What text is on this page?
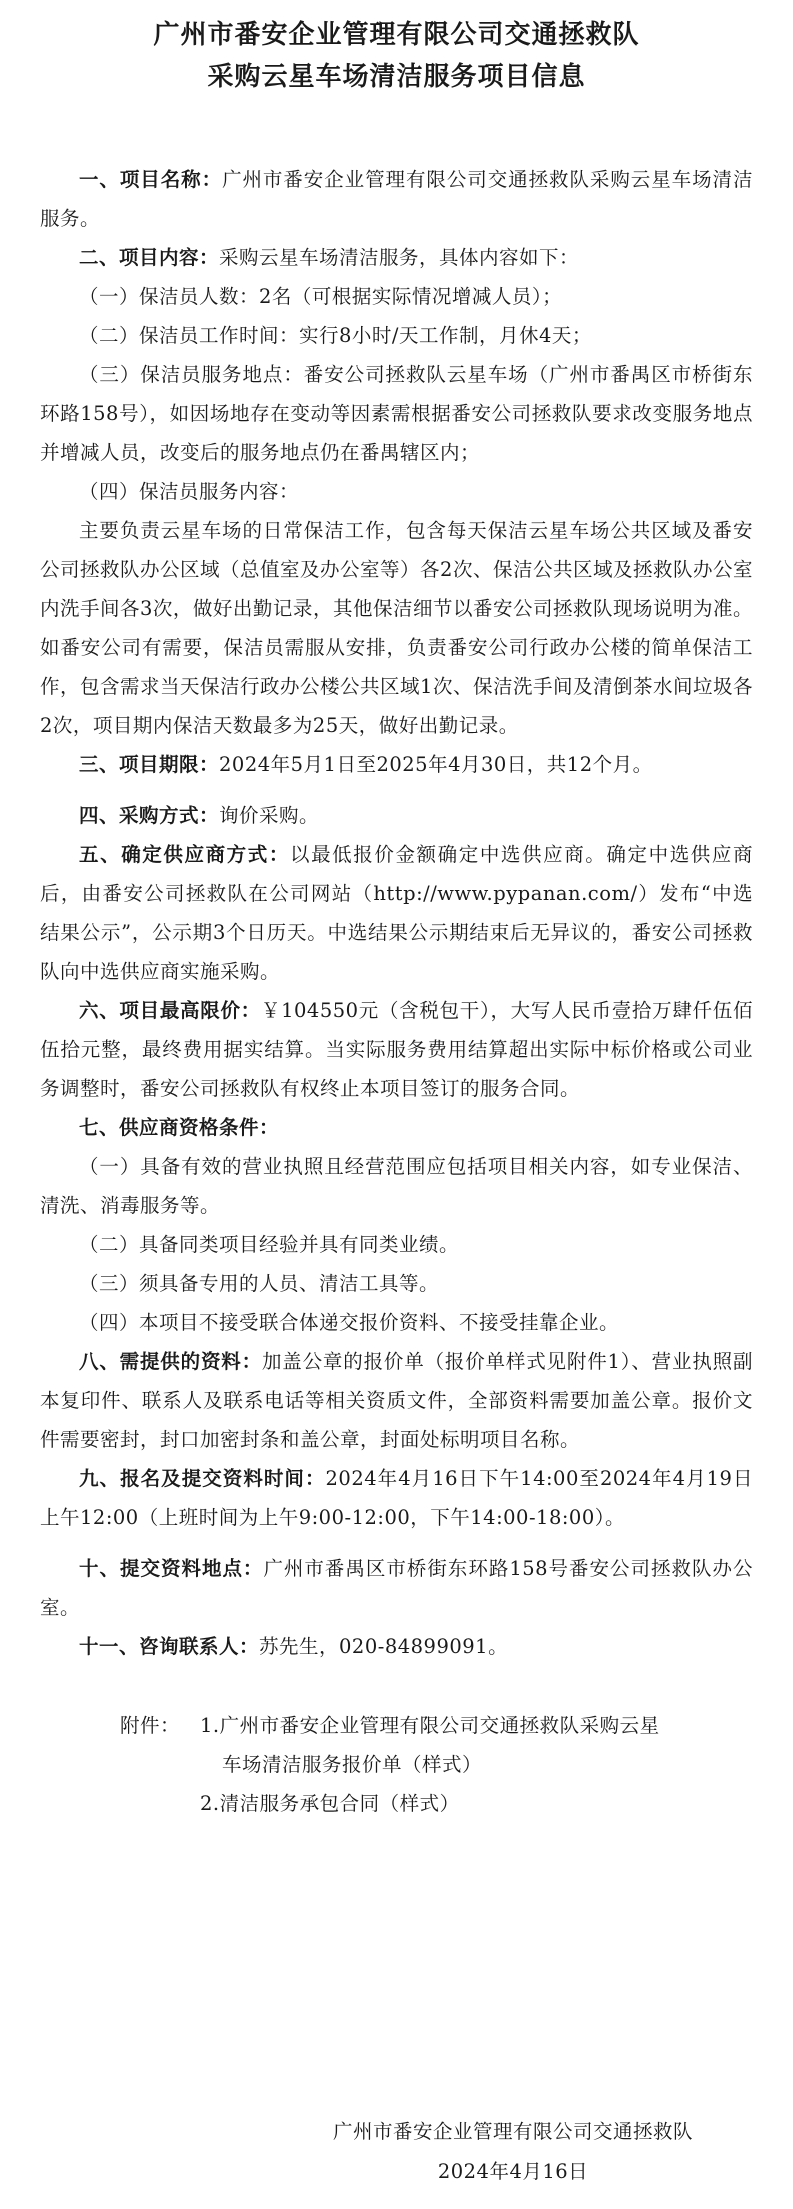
广州市番安企业管理有限公司交通拯救队
采购云星车场清洁服务项目信息

一、项目名称：广州市番安企业管理有限公司交通拯救队采购云星车场清洁服务。

二、项目内容：采购云星车场清洁服务，具体内容如下：

（一）保洁员人数：2名（可根据实际情况增减人员）；

（二）保洁员工作时间：实行8小时/天工作制，月休4天；

（三）保洁员服务地点：番安公司拯救队云星车场（广州市番禺区市桥街东环路158号），如因场地存在变动等因素需根据番安公司拯救队要求改变服务地点并增减人员，改变后的服务地点仍在番禺辖区内；

（四）保洁员服务内容：

主要负责云星车场的日常保洁工作，包含每天保洁云星车场公共区域及番安公司拯救队办公区域（总值室及办公室等）各2次、保洁公共区域及拯救队办公室内洗手间各3次，做好出勤记录，其他保洁细节以番安公司拯救队现场说明为准。如番安公司有需要，保洁员需服从安排，负责番安公司行政办公楼的简单保洁工作，包含需求当天保洁行政办公楼公共区域1次、保洁洗手间及清倒茶水间垃圾各2次，项目期内保洁天数最多为25天，做好出勤记录。

三、项目期限：2024年5月1日至2025年4月30日，共12个月。

四、采购方式：询价采购。

五、确定供应商方式：以最低报价金额确定中选供应商。确定中选供应商后，由番安公司拯救队在公司网站（http://www.pypanan.com/）发布“中选结果公示”，公示期3个日历天。中选结果公示期结束后无异议的，番安公司拯救队向中选供应商实施采购。

六、项目最高限价：￥104550元（含税包干），大写人民币壹拾万肆仟伍佰伍拾元整，最终费用据实结算。当实际服务费用结算超出实际中标价格或公司业务调整时，番安公司拯救队有权终止本项目签订的服务合同。

七、供应商资格条件：

（一）具备有效的营业执照且经营范围应包括项目相关内容，如专业保洁、清洗、消毒服务等。

（二）具备同类项目经验并具有同类业绩。

（三）须具备专用的人员、清洁工具等。

（四）本项目不接受联合体递交报价资料、不接受挂靠企业。

八、需提供的资料：加盖公章的报价单（报价单样式见附件1）、营业执照副本复印件、联系人及联系电话等相关资质文件，全部资料需要加盖公章。报价文件需要密封，封口加密封条和盖公章，封面处标明项目名称。

九、报名及提交资料时间：2024年4月16日下午14:00至2024年4月19日上午12:00（上班时间为上午9:00-12:00，下午14:00-18:00）。

十、提交资料地点：广州市番禺区市桥街东环路158号番安公司拯救队办公室。

十一、咨询联系人：苏先生，020-84899091。

附件：	1.广州市番安企业管理有限公司交通拯救队采购云星
车场清洁服务报价单（样式）
2.清洁服务承包合同（样式）
广州市番安企业管理有限公司交通拯救队
2024年4月16日
